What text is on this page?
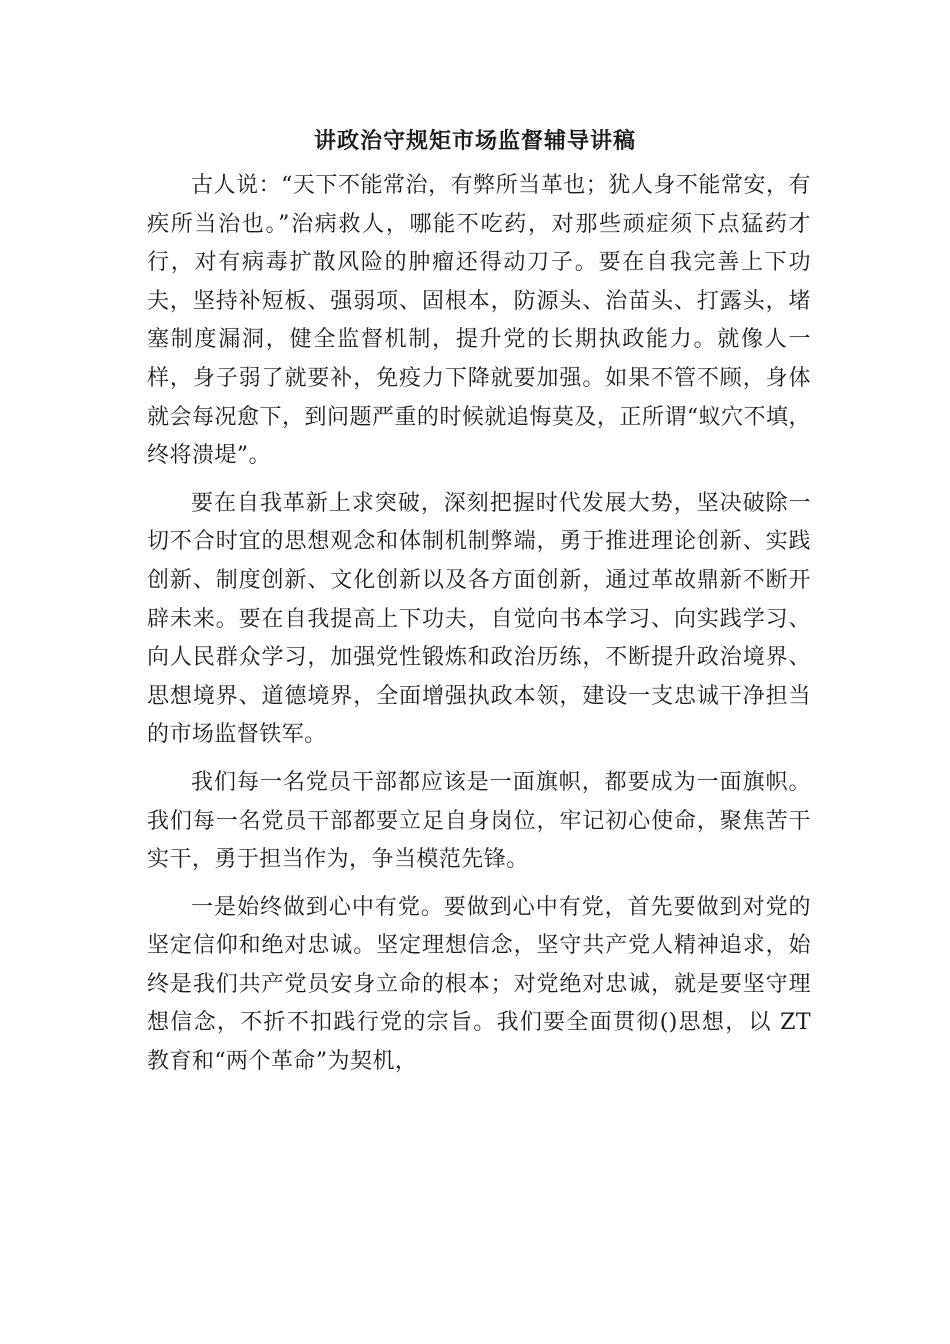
讲政治守规矩市场监督辅导讲稿

古人说：“天下不能常治，有弊所当革也；犹人身不能常安，有疾所当治也。”治病救人，哪能不吃药，对那些顽症须下点猛药才行，对有病毒扩散风险的肿瘤还得动刀子。要在自我完善上下功夫，坚持补短板、强弱项、固根本，防源头、治苗头、打露头，堵塞制度漏洞，健全监督机制，提升党的长期执政能力。就像人一样，身子弱了就要补，免疫力下降就要加强。如果不管不顾，身体就会每况愈下，到问题严重的时候就追悔莫及，正所谓“蚁穴不填，终将溃堤”。

要在自我革新上求突破，深刻把握时代发展大势，坚决破除一切不合时宜的思想观念和体制机制弊端，勇于推进理论创新、实践创新、制度创新、文化创新以及各方面创新，通过革故鼎新不断开辟未来。要在自我提高上下功夫，自觉向书本学习、向实践学习、向人民群众学习，加强党性锻炼和政治历练，不断提升政治境界、思想境界、道德境界，全面增强执政本领，建设一支忠诚干净担当的市场监督铁军。

我们每一名党员干部都应该是一面旗帜，都要成为一面旗帜。我们每一名党员干部都要立足自身岗位，牢记初心使命，聚焦苦干实干，勇于担当作为，争当模范先锋。

一是始终做到心中有党。要做到心中有党，首先要做到对党的坚定信仰和绝对忠诚。坚定理想信念，坚守共产党人精神追求，始终是我们共产党员安身立命的根本；对党绝对忠诚，就是要坚守理想信念，不折不扣践行党的宗旨。我们要全面贯彻()思想，以 ZT 教育和“两个革命”为契机，
